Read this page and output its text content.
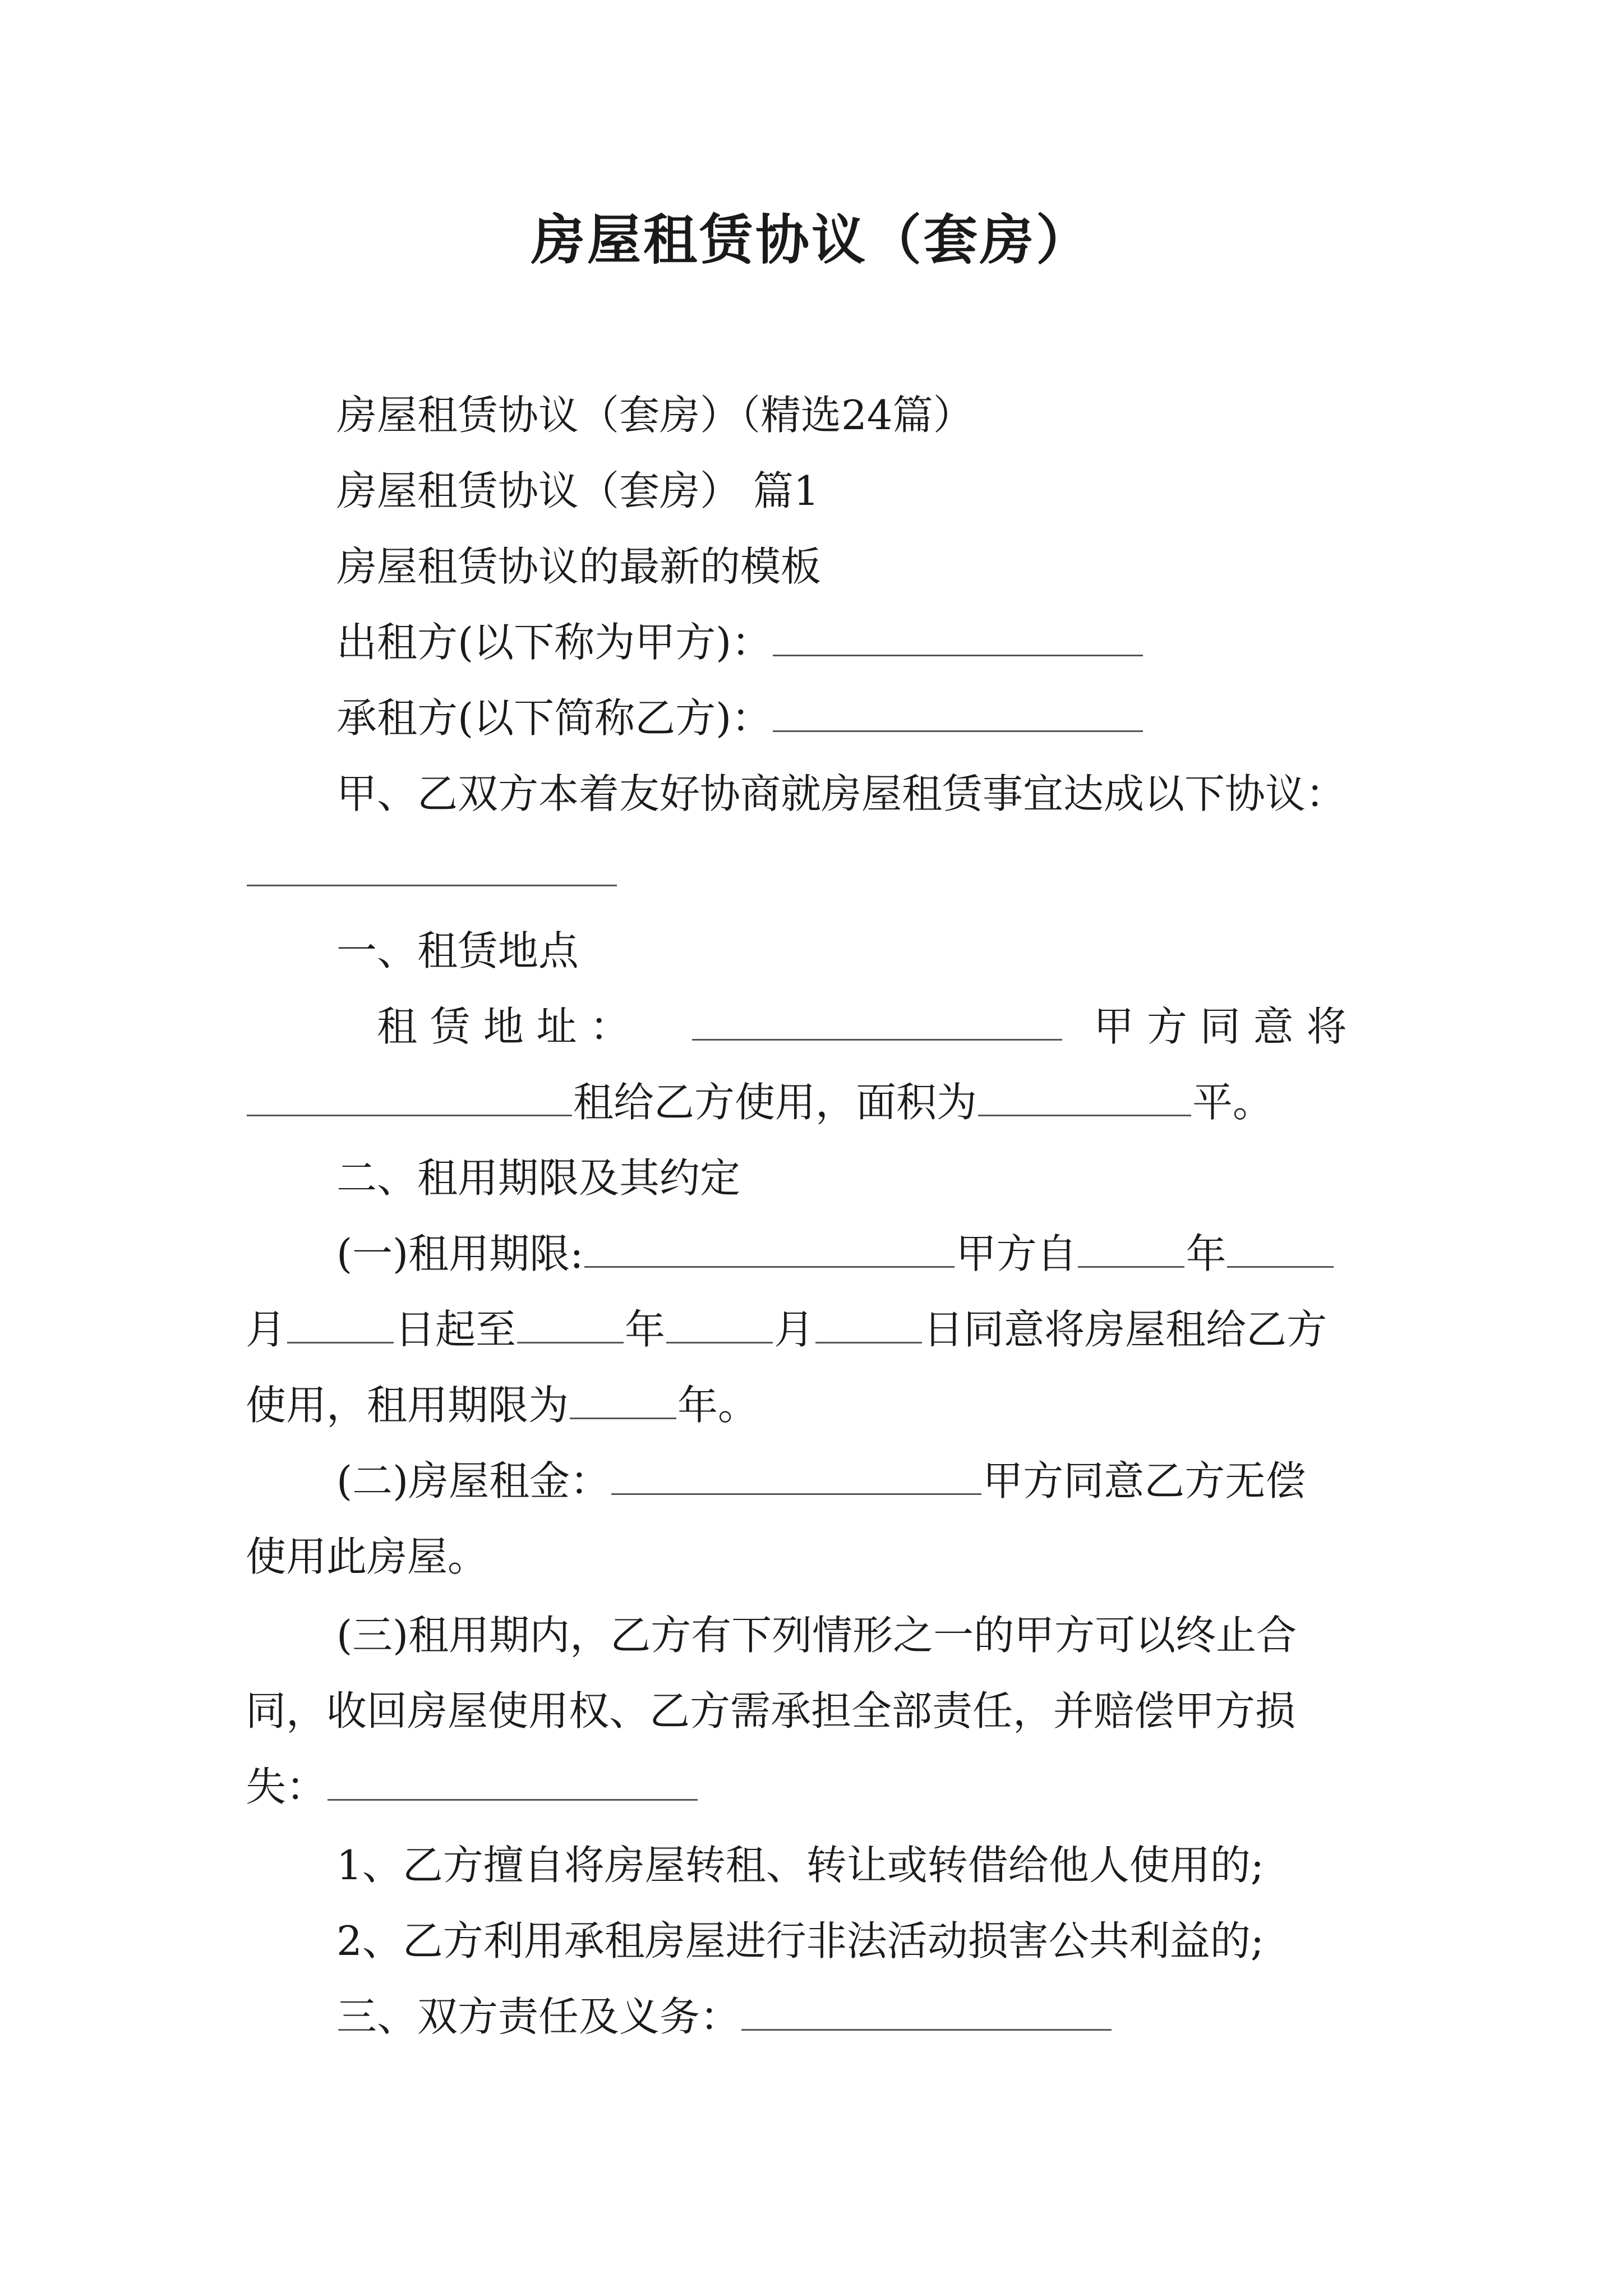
房屋租赁协议（套房）
房屋租赁协议（套房）（精选24篇）
房屋租赁协议（套房） 篇1
房屋租赁协议的最新的模板
出租方(以下称为甲方)：
承租方(以下简称乙方)：
甲、乙双方本着友好协商就房屋租赁事宜达成以下协议：
一、租赁地点
租 赁 地 址 ：	甲 方 同 意 将
租给乙方使用，面积为	平。
二、租用期限及其约定
(一)租用期限:	甲方自	年
月	日起至	年	月	日同意将房屋租给乙方
使用，租用期限为	年。
(二)房屋租金：	甲方同意乙方无偿
使用此房屋。
(三)租用期内，乙方有下列情形之一的甲方可以终止合
同，收回房屋使用权、乙方需承担全部责任，并赔偿甲方损
失：
1、乙方擅自将房屋转租、转让或转借给他人使用的;
2、乙方利用承租房屋进行非法活动损害公共利益的;
三、双方责任及义务：
